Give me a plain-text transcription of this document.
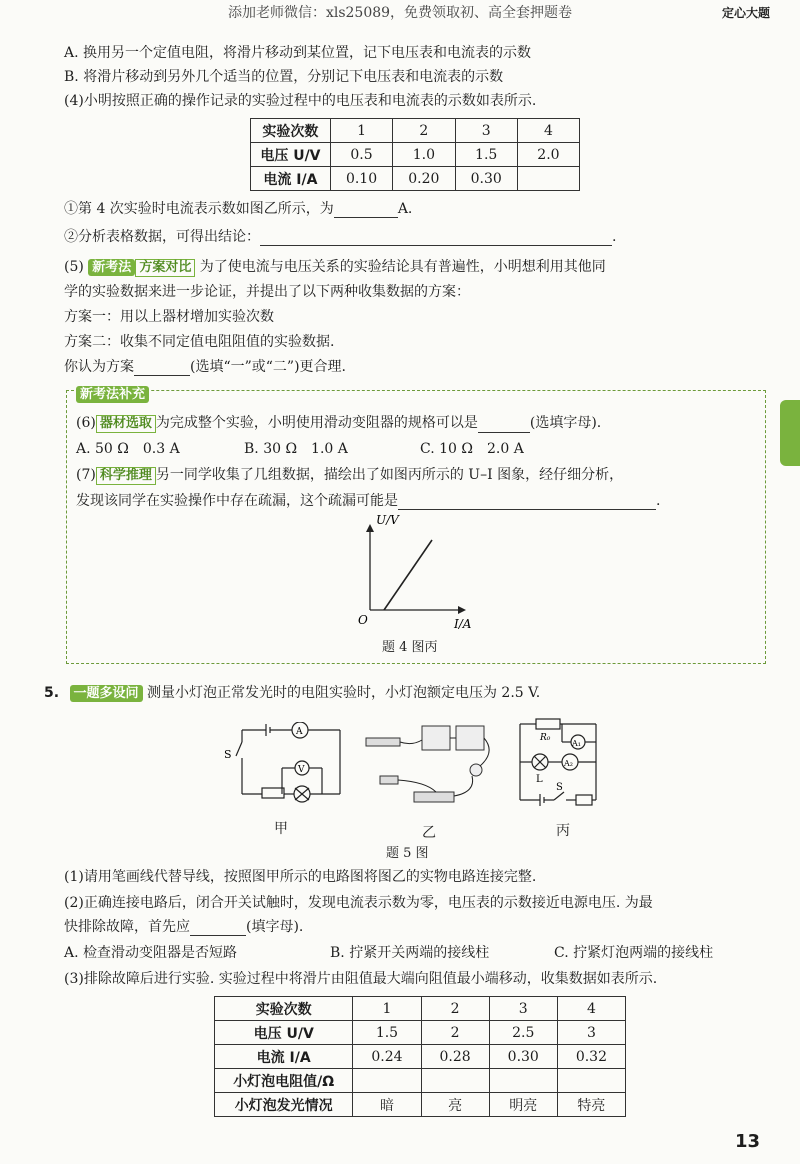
添加老师微信：xls25089，免费领取初、高全套押题卷	定心大题
A. 换用另一个定值电阻，将滑片移动到某位置，记下电压表和电流表的示数
B. 将滑片移动到另外几个适当的位置，分别记下电压表和电流表的示数
(4)小明按照正确的操作记录的实验过程中的电压表和电流表的示数如表所示.
实验次数	1	2	3	4
电压 U/V	0.5	1.0	1.5	2.0
电流 I/A	0.10	0.20	0.30	
①第 4 次实验时电流表示数如图乙所示，为	A.
②分析表格数据，可得出结论：	.
(5) 新考法 方案对比 为了使电流与电压关系的实验结论具有普遍性，小明想利用其他同
学的实验数据来进一步论证，并提出了以下两种收集数据的方案：
方案一：用以上器材增加实验次数
方案二：收集不同定值电阻阻值的实验数据.
你认为方案	(选填“一”或“二”)更合理.
新考法补充
(6) 器材选取 为完成整个实验，小明使用滑动变阻器的规格可以是	(选填字母).
A. 50 Ω　0.3 A	B. 30 Ω　1.0 A	C. 10 Ω　2.0 A
(7) 科学推理 另一同学收集了几组数据，描绘出了如图丙所示的 U–I 图象，经仔细分析，
发现该同学在实验操作中存在疏漏，这个疏漏可能是	.
U/V
O	I/A
题 4 图丙
5. 一题多设问 测量小灯泡正常发光时的电阻实验时，小灯泡额定电压为 2.5 V.
A
V
S
R₀
L
A₂
A₁
S
甲	乙	丙
题 5 图
(1)请用笔画线代替导线，按照图甲所示的电路图将图乙的实物电路连接完整.
(2)正确连接电路后，闭合开关试触时，发现电流表示数为零，电压表的示数接近电源电压. 为最
快排除故障，首先应	(填字母).
A. 检查滑动变阻器是否短路	B. 拧紧开关两端的接线柱	C. 拧紧灯泡两端的接线柱
(3)排除故障后进行实验. 实验过程中将滑片由阻值最大端向阻值最小端移动，收集数据如表所示.
实验次数	1	2	3	4
电压 U/V	1.5	2	2.5	3
电流 I/A	0.24	0.28	0.30	0.32
小灯泡电阻值/Ω				
小灯泡发光情况	暗	亮	明亮	特亮
13
